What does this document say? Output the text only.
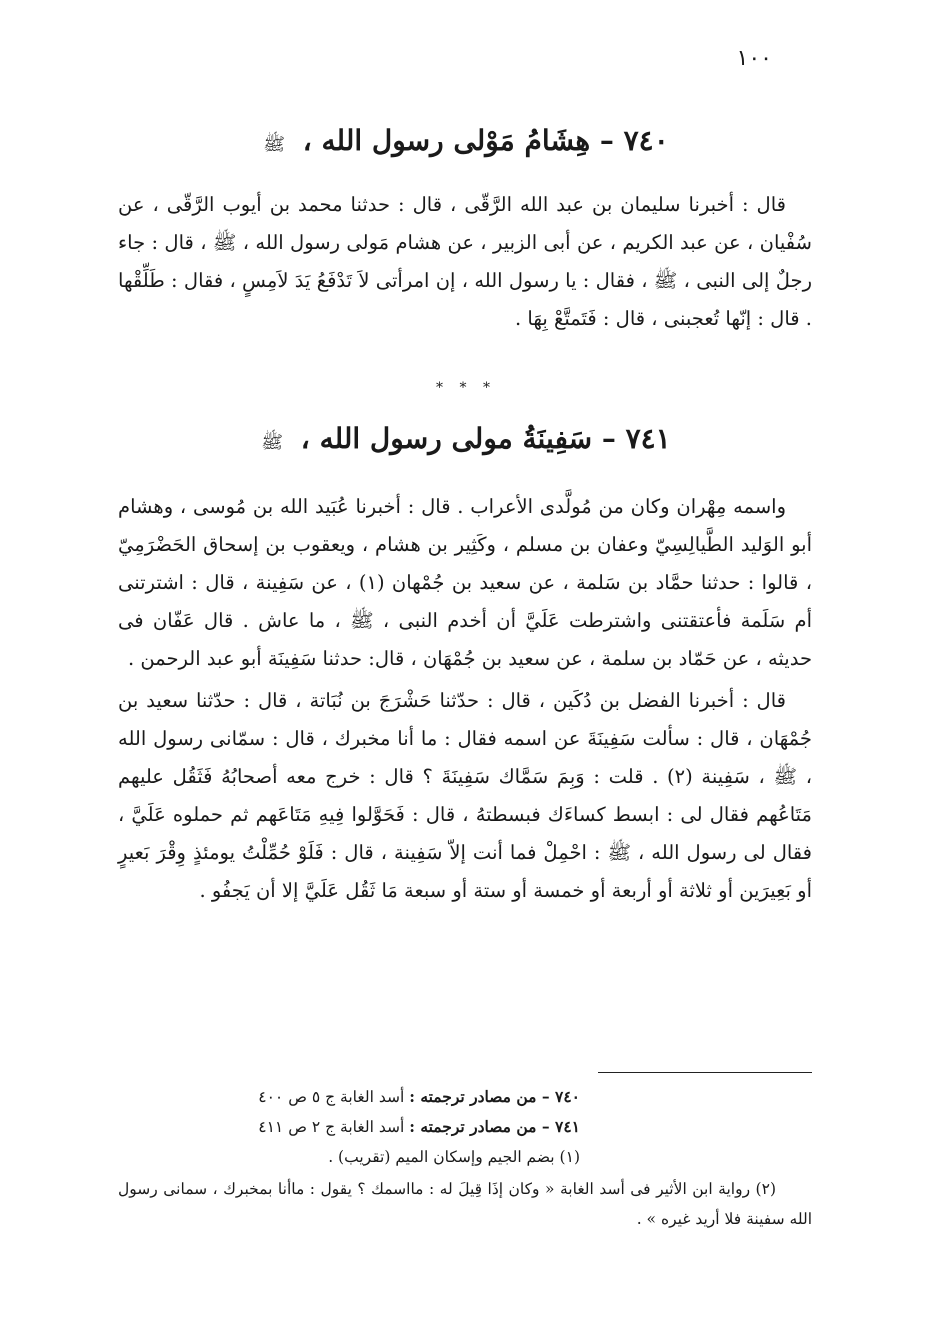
١٠٠
٧٤٠ – هِشَامُ مَوْلى رسول الله ، ﷺ

قال : أخبرنا سليمان بن عبد الله الرَّقّى ، قال : حدثنا محمد بن أيوب الرَّقّى ، عن سُفْيان ، عن عبد الكريم ، عن أبى الزبير ، عن هشام مَولى رسول الله ، ﷺ ، قال : جاء رجلٌ إلى النبى ، ﷺ ، فقال : يا رسول الله ، إن امرأتى لاَ تَدْفَعُ يَدَ لاَمِسٍ ، فقال : طَلِّقْها . قال : إنّها تُعجبنى ، قال : فَتَمتَّعْ بِهَا .

* * *
٧٤١ – سَفِينَةُ مولى رسول الله ، ﷺ

واسمه مِهْران وكان من مُولَّدى الأعراب . قال : أخبرنا عُبَيد الله بن مُوسى ، وهشام أبو الوَليد الطَّيالِسِيّ وعفان بن مسلم ، وكَثِير بن هشام ، ويعقوب بن إسحاق الحَضْرَمِيّ ، قالوا : حدثنا حمَّاد بن سَلمة ، عن سعيد بن جُمْهان (١) ، عن سَفِينة ، قال : اشترتنى أم سَلَمة فأعتقتنى واشترطت عَلَيَّ أن أخدم النبى ، ﷺ ، ما عاش . قال عَفّان فى حديثه ، عن حَمّاد بن سلمة ، عن سعيد بن جُمْهَان ، قال: حدثنا سَفِينَة أبو عبد الرحمن .

قال : أخبرنا الفضل بن دُكَين ، قال : حدّثنا حَشْرَجَ بن نُبَاتة ، قال : حدّثنا سعيد بن جُمْهَان ، قال : سألت سَفِينَةَ عن اسمه فقال : ما أنا مخبرك ، قال : سمّانى رسول الله ، ﷺ ، سَفِينة (٢) . قلت : وَبِمَ سَمَّاك سَفِينَةَ ؟ قال : خرج معه أصحابُهُ فَثَقُل عليهم مَتَاعُهم فقال لى : ابسط كساءَك فبسطتهُ ، قال : فَحَوَّلوا فِيهِ مَتَاعَهم ثم حملوه عَلَيَّ ، فقال لى رسول الله ، ﷺ : احْمِلْ فما أنت إلاّ سَفِينة ، قال : فَلَوْ حُمِّلْتُ يومئذٍ وِقْرَ بَعيرٍ أو بَعِيرَين أو ثلاثة أو أربعة أو خمسة أو ستة أو سبعة مَا ثَقُل عَلَيَّ إلا أن يَجفُو .

٧٤٠ – من مصادر ترجمته : أسد الغابة ج ٥ ص ٤٠٠

٧٤١ – من مصادر ترجمته : أسد الغابة ج ٢ ص ٤١١

(١) بضم الجيم وإسكان الميم (تقريب) .

(٢) رواية ابن الأثير فى أسد الغابة « وكان إذَا قِيلَ له : مااسمك ؟ يقول : ماأنا بمخبرك ، سمانى رسول الله سفينة فلا أريد غيره » .
